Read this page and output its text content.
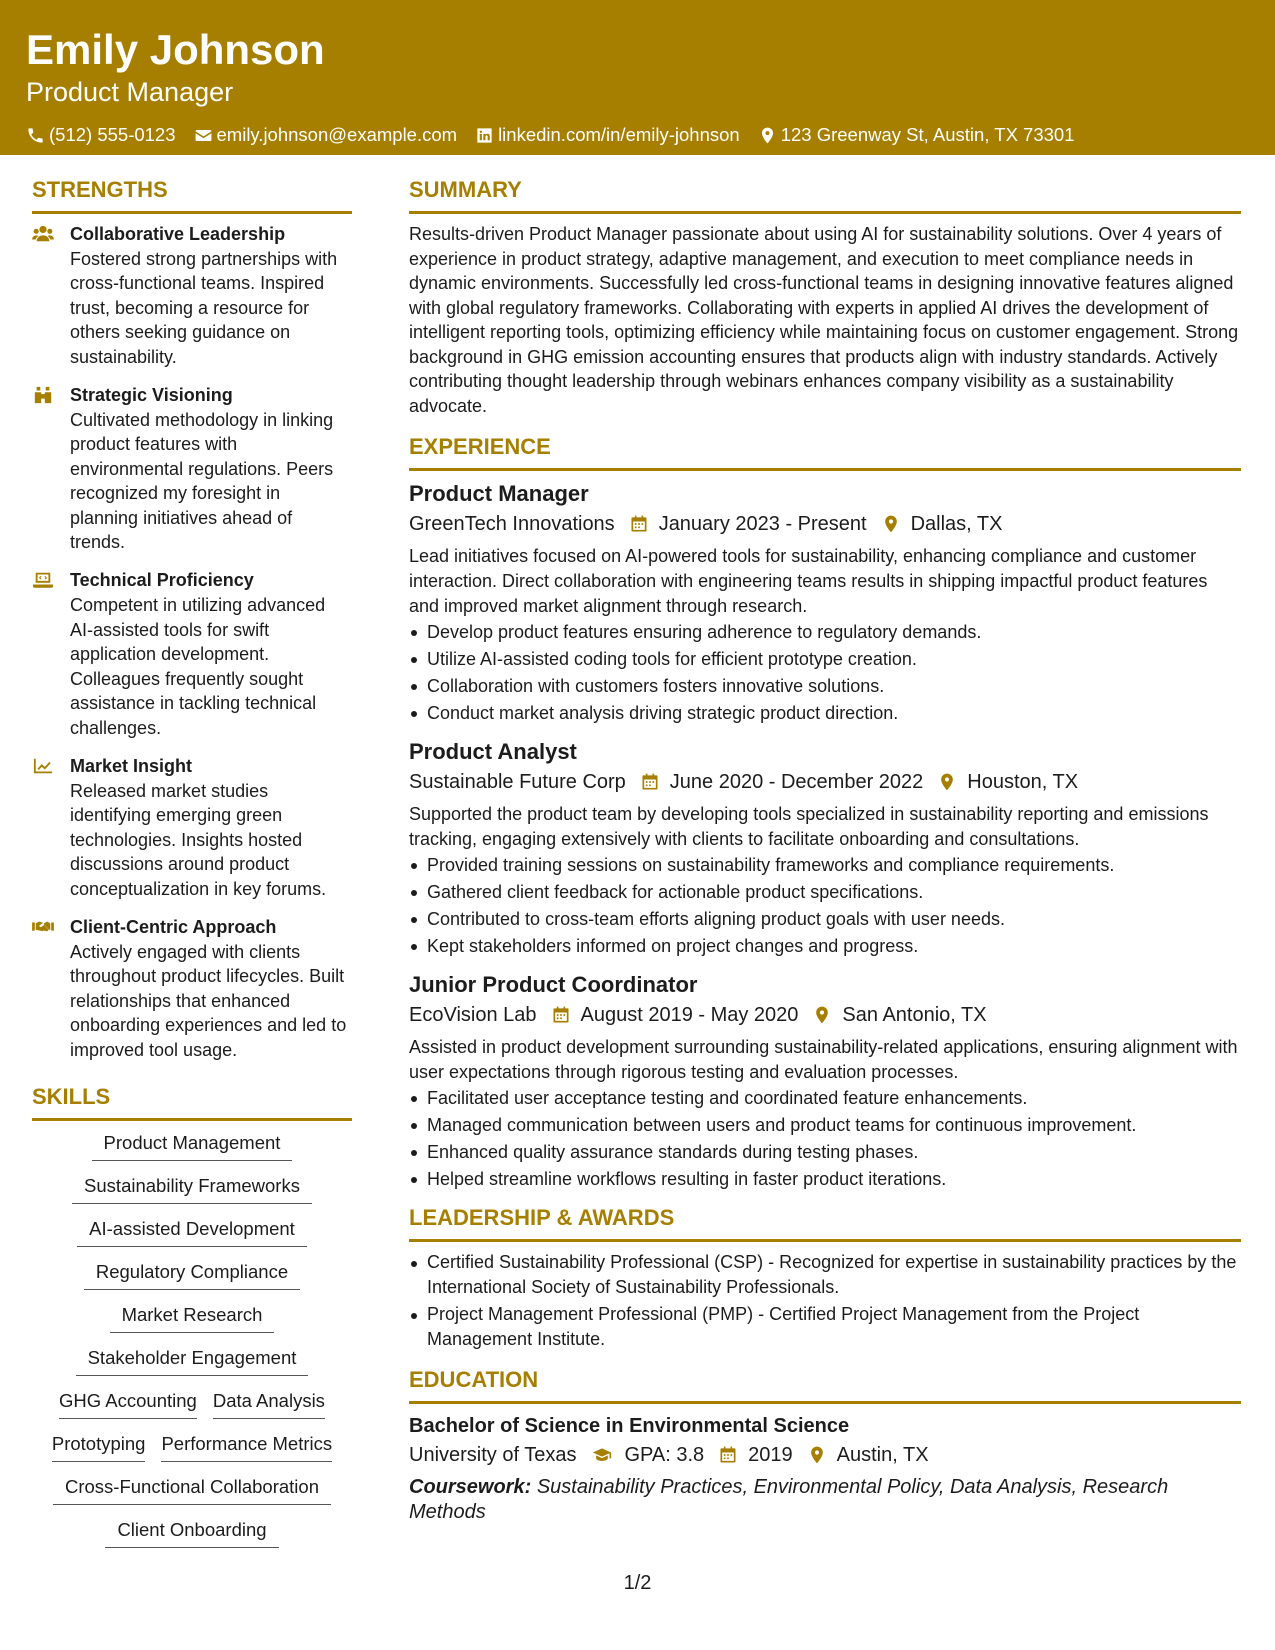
Emily Johnson
Product Manager
(512) 555-0123 emily.johnson@example.com linkedin.com/in/emily-johnson 123 Greenway St, Austin, TX 73301
STRENGTHS
Collaborative Leadership
Fostered strong partnerships with cross-functional teams. Inspired trust, becoming a resource for others seeking guidance on sustainability.
Strategic Visioning
Cultivated methodology in linking product features with environmental regulations. Peers recognized my foresight in planning initiatives ahead of trends.
Technical Proficiency
Competent in utilizing advanced AI-assisted tools for swift application development. Colleagues frequently sought assistance in tackling technical challenges.
Market Insight
Released market studies identifying emerging green technologies. Insights hosted discussions around product conceptualization in key forums.
Client-Centric Approach
Actively engaged with clients throughout product lifecycles. Built relationships that enhanced onboarding experiences and led to improved tool usage.
SKILLS
Product Management
Sustainability Frameworks
AI-assisted Development
Regulatory Compliance
Market Research
Stakeholder Engagement
GHG Accounting Data Analysis
Prototyping Performance Metrics
Cross-Functional Collaboration
Client Onboarding
SUMMARY
Results-driven Product Manager passionate about using AI for sustainability solutions. Over 4 years of experience in product strategy, adaptive management, and execution to meet compliance needs in dynamic environments. Successfully led cross-functional teams in designing innovative features aligned with global regulatory frameworks. Collaborating with experts in applied AI drives the development of intelligent reporting tools, optimizing efficiency while maintaining focus on customer engagement. Strong background in GHG emission accounting ensures that products align with industry standards. Actively contributing thought leadership through webinars enhances company visibility as a sustainability advocate.
EXPERIENCE
Product Manager
GreenTech Innovations January 2023 - Present Dallas, TX
Lead initiatives focused on AI-powered tools for sustainability, enhancing compliance and customer interaction. Direct collaboration with engineering teams results in shipping impactful product features and improved market alignment through research.
Develop product features ensuring adherence to regulatory demands.
Utilize AI-assisted coding tools for efficient prototype creation.
Collaboration with customers fosters innovative solutions.
Conduct market analysis driving strategic product direction.
Product Analyst
Sustainable Future Corp June 2020 - December 2022 Houston, TX
Supported the product team by developing tools specialized in sustainability reporting and emissions tracking, engaging extensively with clients to facilitate onboarding and consultations.
Provided training sessions on sustainability frameworks and compliance requirements.
Gathered client feedback for actionable product specifications.
Contributed to cross-team efforts aligning product goals with user needs.
Kept stakeholders informed on project changes and progress.
Junior Product Coordinator
EcoVision Lab August 2019 - May 2020 San Antonio, TX
Assisted in product development surrounding sustainability-related applications, ensuring alignment with user expectations through rigorous testing and evaluation processes.
Facilitated user acceptance testing and coordinated feature enhancements.
Managed communication between users and product teams for continuous improvement.
Enhanced quality assurance standards during testing phases.
Helped streamline workflows resulting in faster product iterations.
LEADERSHIP & AWARDS
Certified Sustainability Professional (CSP) - Recognized for expertise in sustainability practices by the International Society of Sustainability Professionals.
Project Management Professional (PMP) - Certified Project Management from the Project Management Institute.
EDUCATION
Bachelor of Science in Environmental Science
University of Texas GPA: 3.8 2019 Austin, TX
Coursework: Sustainability Practices, Environmental Policy, Data Analysis, Research Methods
1/2
